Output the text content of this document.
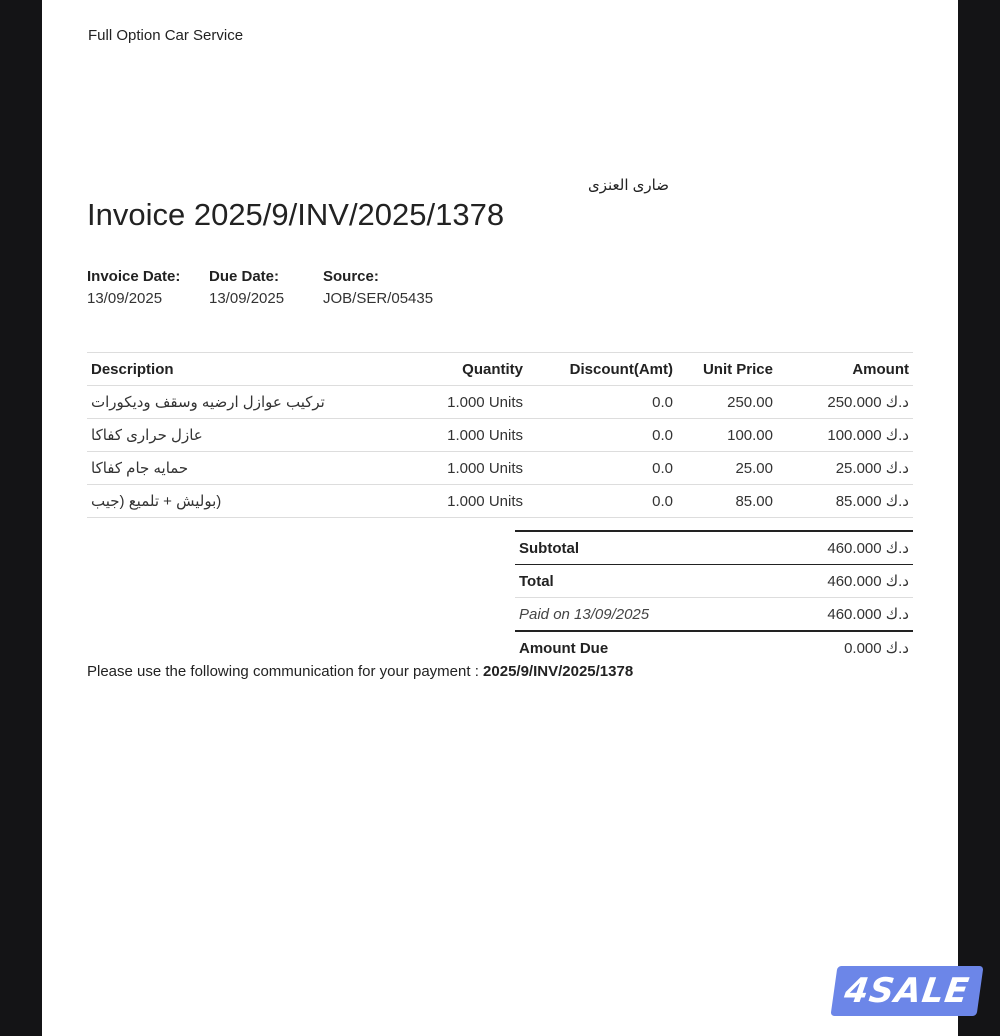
Full Option Car Service
ضارى العنزى
Invoice 2025/9/INV/2025/1378
Invoice Date:
13/09/2025
Due Date:
13/09/2025
Source:
JOB/SER/05435
Description	Quantity	Discount(Amt)	Unit Price	Amount
تركيب عوازل ارضيه وسقف وديكورات	1.000 Units	0.0	250.00	250.000 د.ك
عازل حرارى كفاكا	1.000 Units	0.0	100.00	100.000 د.ك
حمايه جام كفاكا	1.000 Units	0.0	25.00	25.000 د.ك
(بوليش + تلميع (جيب	1.000 Units	0.0	85.00	85.000 د.ك
Subtotal	460.000 د.ك
Total	460.000 د.ك
Paid on 13/09/2025	460.000 د.ك
Amount Due	0.000 د.ك
Please use the following communication for your payment : 2025/9/INV/2025/1378
4SALE
